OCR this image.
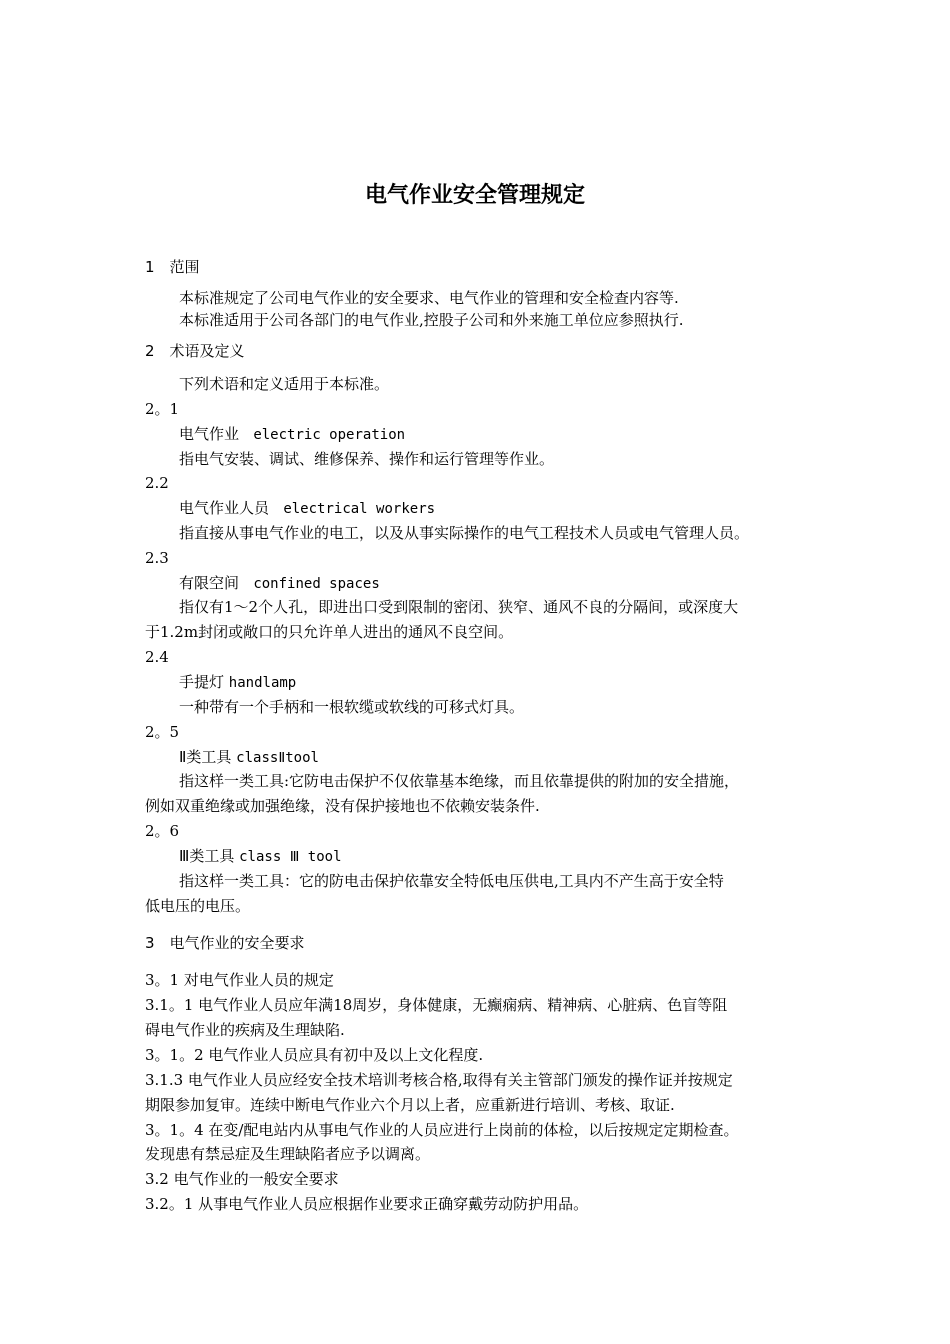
电气作业安全管理规定
1　范围
本标准规定了公司电气作业的安全要求、电气作业的管理和安全检查内容等.
本标准适用于公司各部门的电气作业,控股子公司和外来施工单位应参照执行.
2　术语及定义
下列术语和定义适用于本标准。
2。1
电气作业 electric operation
指电气安装、调试、维修保养、操作和运行管理等作业。
2.2
电气作业人员 electrical workers
指直接从事电气作业的电工，以及从事实际操作的电气工程技术人员或电气管理人员。
2.3
有限空间 confined spaces
指仅有1～2个人孔，即进出口受到限制的密闭、狭窄、通风不良的分隔间，或深度大
于1.2m封闭或敞口的只允许单人进出的通风不良空间。
2.4
手提灯 handlamp
一种带有一个手柄和一根软缆或软线的可移式灯具。
2。5
Ⅱ类工具 classⅡtool
指这样一类工具:它防电击保护不仅依靠基本绝缘，而且依靠提供的附加的安全措施，
例如双重绝缘或加强绝缘，没有保护接地也不依赖安装条件.
2。6
Ⅲ类工具 class Ⅲ tool
指这样一类工具：它的防电击保护依靠安全特低电压供电,工具内不产生高于安全特
低电压的电压。
3　电气作业的安全要求
3。1 对电气作业人员的规定
3.1。1 电气作业人员应年满18周岁，身体健康，无癫痫病、精神病、心脏病、色盲等阻
碍电气作业的疾病及生理缺陷.
3。1。2 电气作业人员应具有初中及以上文化程度.
3.1.3 电气作业人员应经安全技术培训考核合格,取得有关主管部门颁发的操作证并按规定
期限参加复审。连续中断电气作业六个月以上者，应重新进行培训、考核、取证.
3。1。4 在变/配电站内从事电气作业的人员应进行上岗前的体检，以后按规定定期检查。
发现患有禁忌症及生理缺陷者应予以调离。
3.2 电气作业的一般安全要求
3.2。1 从事电气作业人员应根据作业要求正确穿戴劳动防护用品。
